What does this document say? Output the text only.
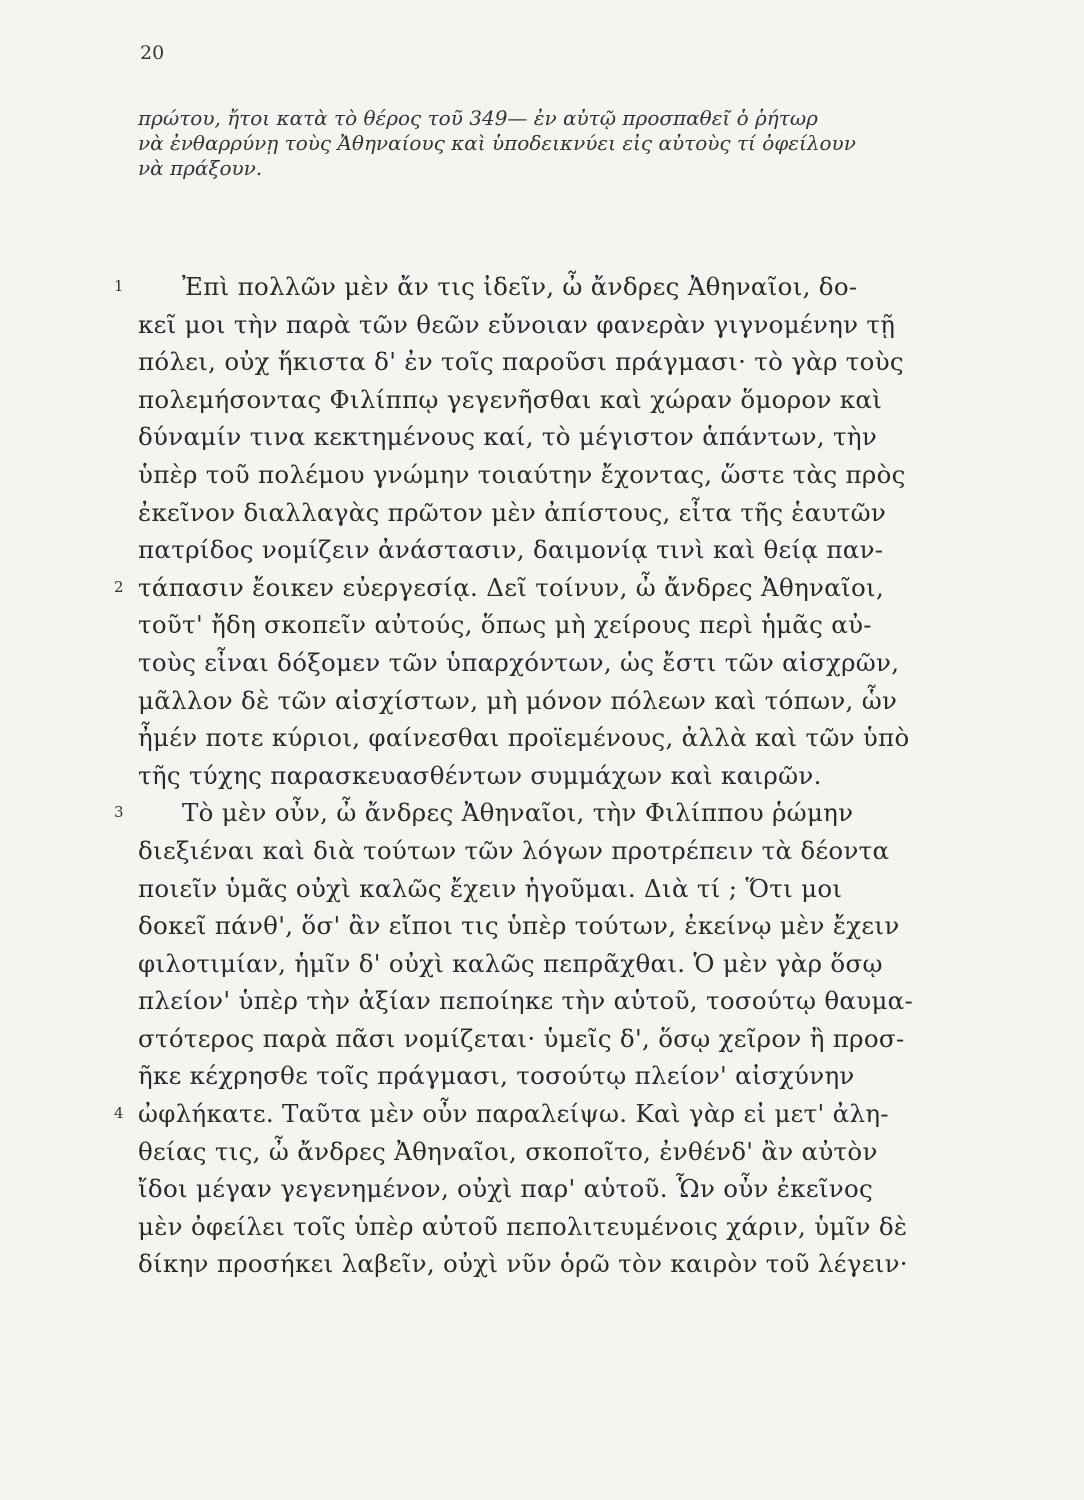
20
πρώτου, ἤτοι κατὰ τὸ θέρος τοῦ 349— ἐν αὐτῷ προσπαθεῖ ὁ ῥήτωρ
νὰ ἐνθαρρύνῃ τοὺς Ἀθηναίους καὶ ὑποδεικνύει εἰς αὐτοὺς τί ὀφείλουν
νὰ πράξουν.
1 Ἐπὶ πολλῶν μὲν ἄν τις ἰδεῖν, ὦ ἄνδρες Ἀθηναῖοι, δο-
κεῖ μοι τὴν παρὰ τῶν θεῶν εὔνοιαν φανερὰν γιγνομένην τῇ
πόλει, οὐχ ἥκιστα δ' ἐν τοῖς παροῦσι πράγμασι· τὸ γὰρ τοὺς
πολεμήσοντας Φιλίππῳ γεγενῆσθαι καὶ χώραν ὅμορον καὶ
δύναμίν τινα κεκτημένους καί, τὸ μέγιστον ἁπάντων, τὴν
ὑπὲρ τοῦ πολέμου γνώμην τοιαύτην ἔχοντας, ὥστε τὰς πρὸς
ἐκεῖνον διαλλαγὰς πρῶτον μὲν ἀπίστους, εἶτα τῆς ἑαυτῶν
πατρίδος νομίζειν ἀνάστασιν, δαιμονίᾳ τινὶ καὶ θείᾳ παν-
2 τάπασιν ἔοικεν εὐεργεσίᾳ. Δεῖ τοίνυν, ὦ ἄνδρες Ἀθηναῖοι,
τοῦτ' ἤδη σκοπεῖν αὐτούς, ὅπως μὴ χείρους περὶ ἡμᾶς αὐ-
τοὺς εἶναι δόξομεν τῶν ὑπαρχόντων, ὡς ἔστι τῶν αἰσχρῶν,
μᾶλλον δὲ τῶν αἰσχίστων, μὴ μόνον πόλεων καὶ τόπων, ὧν
ἦμέν ποτε κύριοι, φαίνεσθαι προϊεμένους, ἀλλὰ καὶ τῶν ὑπὸ
τῆς τύχης παρασκευασθέντων συμμάχων καὶ καιρῶν.
3 Τὸ μὲν οὖν, ὦ ἄνδρες Ἀθηναῖοι, τὴν Φιλίππου ῥώμην
διεξιέναι καὶ διὰ τούτων τῶν λόγων προτρέπειν τὰ δέοντα
ποιεῖν ὑμᾶς οὐχὶ καλῶς ἔχειν ἡγοῦμαι. Διὰ τί ; Ὅτι μοι
δοκεῖ πάνθ', ὅσ' ἂν εἴποι τις ὑπὲρ τούτων, ἐκείνῳ μὲν ἔχειν
φιλοτιμίαν, ἡμῖν δ' οὐχὶ καλῶς πεπρᾶχθαι. Ὁ μὲν γὰρ ὅσῳ
πλείον' ὑπὲρ τὴν ἀξίαν πεποίηκε τὴν αὑτοῦ, τοσούτῳ θαυμα-
στότερος παρὰ πᾶσι νομίζεται· ὑμεῖς δ', ὅσῳ χεῖρον ἢ προσ-
ῆκε κέχρησθε τοῖς πράγμασι, τοσούτῳ πλείον' αἰσχύνην
4 ὠφλήκατε. Ταῦτα μὲν οὖν παραλείψω. Καὶ γὰρ εἰ μετ' ἀλη-
θείας τις, ὦ ἄνδρες Ἀθηναῖοι, σκοποῖτο, ἐνθένδ' ἂν αὐτὸν
ἴδοι μέγαν γεγενημένον, οὐχὶ παρ' αὑτοῦ. Ὧν οὖν ἐκεῖνος
μὲν ὀφείλει τοῖς ὑπὲρ αὐτοῦ πεπολιτευμένοις χάριν, ὑμῖν δὲ
δίκην προσήκει λαβεῖν, οὐχὶ νῦν ὁρῶ τὸν καιρὸν τοῦ λέγειν·
